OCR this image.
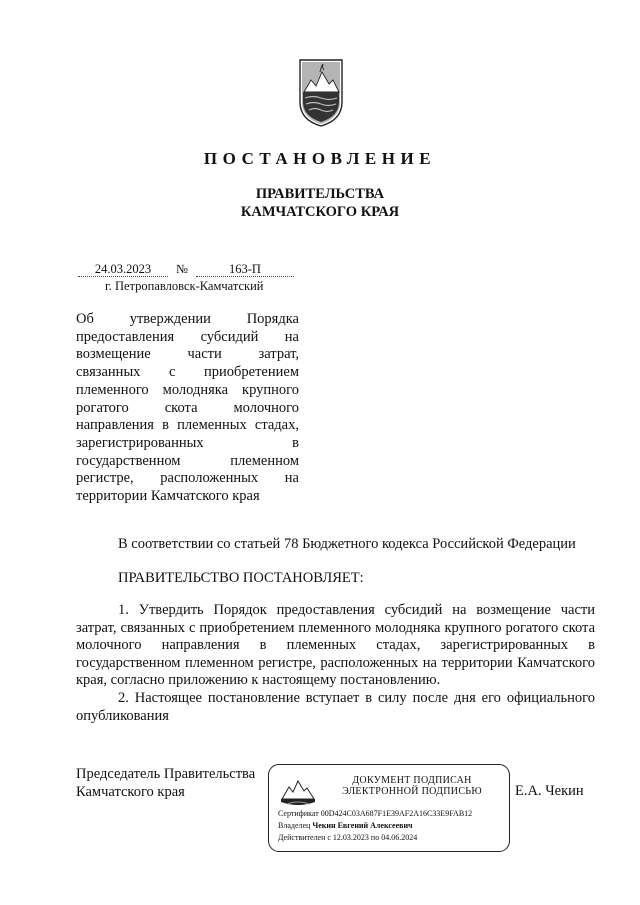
ПОСТАНОВЛЕНИЕ
ПРАВИТЕЛЬСТВА
КАМЧАТСКОГО КРАЯ
24.03.2023	№	163-П
г. Петропавловск-Камчатский
Об утверждении Порядка
предоставления субсидий на
возмещение части затрат,
связанных с приобретением
племенного молодняка крупного
рогатого скота молочного
направления в племенных стадах,
зарегистрированных в
государственном племенном
регистре, расположенных на
территории Камчатского края
В соответствии со статьей 78 Бюджетного кодекса Российской Федерации
ПРАВИТЕЛЬСТВО ПОСТАНОВЛЯЕТ:
1. Утвердить Порядок предоставления субсидий на возмещение части затрат, связанных с приобретением племенного молодняка крупного рогатого скота молочного направления в племенных стадах, зарегистрированных в государственном племенном регистре, расположенных на территории Камчатского края, согласно приложению к настоящему постановлению.
2. Настоящее постановление вступает в силу после дня его официального опубликования
Председатель Правительства
Камчатского края
ДОКУМЕНТ ПОДПИСАН
ЭЛЕКТРОННОЙ ПОДПИСЬЮ
Сертификат 00D424C03A687F1E39AF2A16C33E9FAB12
Владелец Чекин Евгений Алексеевич
Действителен с 12.03.2023 по 04.06.2024
Е.А. Чекин
